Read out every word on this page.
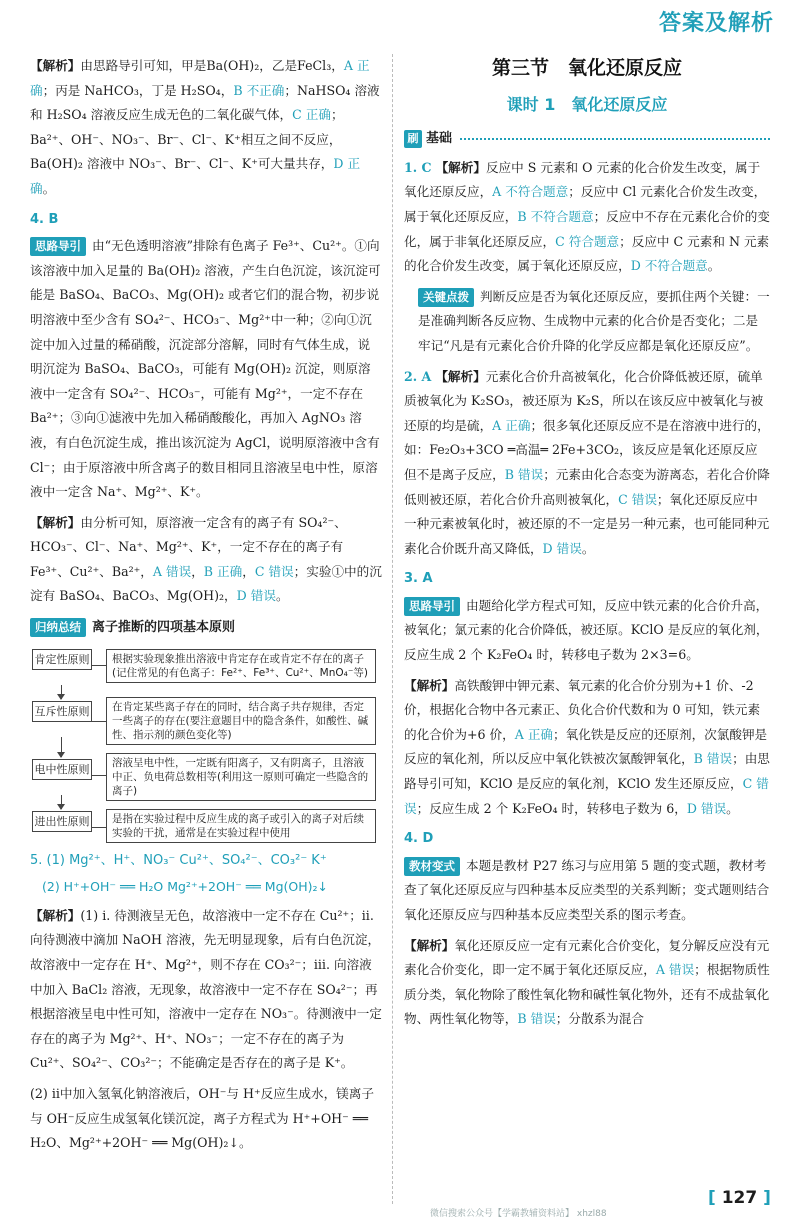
答案及解析

【解析】由思路导引可知，甲是Ba(OH)₂，乙是FeCl₃，A 正确；丙是 NaHCO₃，丁是 H₂SO₄，B 不正确；NaHSO₄ 溶液和 H₂SO₄ 溶液反应生成无色的二氧化碳气体，C 正确；Ba²⁺、OH⁻、NO₃⁻、Br⁻、Cl⁻、K⁺相互之间不反应，Ba(OH)₂ 溶液中 NO₃⁻、Br⁻、Cl⁻、K⁺可大量共存，D 正确。

4. B

思路导引 由“无色透明溶液”排除有色离子 Fe³⁺、Cu²⁺。①向该溶液中加入足量的 Ba(OH)₂ 溶液，产生白色沉淀，该沉淀可能是 BaSO₄、BaCO₃、Mg(OH)₂ 或者它们的混合物，初步说明溶液中至少含有 SO₄²⁻、HCO₃⁻、Mg²⁺中一种；②向①沉淀中加入过量的稀硝酸，沉淀部分溶解，同时有气体生成，说明沉淀为 BaSO₄、BaCO₃，可能有 Mg(OH)₂ 沉淀，则原溶液中一定含有 SO₄²⁻、HCO₃⁻，可能有 Mg²⁺，一定不存在 Ba²⁺；③向①滤液中先加入稀硝酸酸化，再加入 AgNO₃ 溶液，有白色沉淀生成，推出该沉淀为 AgCl，说明原溶液中含有 Cl⁻；由于原溶液中所含离子的数目相同且溶液呈电中性，原溶液中一定含 Na⁺、Mg²⁺、K⁺。

【解析】由分析可知，原溶液一定含有的离子有 SO₄²⁻、HCO₃⁻、Cl⁻、Na⁺、Mg²⁺、K⁺，一定不存在的离子有 Fe³⁺、Cu²⁺、Ba²⁺，A 错误，B 正确，C 错误；实验①中的沉淀有 BaSO₄、BaCO₃、Mg(OH)₂，D 错误。

归纳总结 离子推断的四项基本原则
肯定性原则	根据实验现象推出溶液中肯定存在或肯定不存在的离子(记住常见的有色离子：Fe²⁺、Fe³⁺、Cu²⁺、MnO₄⁻等)
互斥性原则	在肯定某些离子存在的同时，结合离子共存规律，否定一些离子的存在(要注意题目中的隐含条件，如酸性、碱性、指示剂的颜色变化等)
电中性原则	溶液呈电中性，一定既有阳离子，又有阴离子，且溶液中正、负电荷总数相等(利用这一原则可确定一些隐含的离子)
进出性原则	是指在实验过程中反应生成的离子或引入的离子对后续实验的干扰，通常是在实验过程中使用
5. (1) Mg²⁺、H⁺、NO₃⁻ Cu²⁺、SO₄²⁻、CO₃²⁻ K⁺
(2) H⁺+OH⁻ ══ H₂O Mg²⁺+2OH⁻ ══ Mg(OH)₂↓

【解析】(1) ⅰ. 待测液呈无色，故溶液中一定不存在 Cu²⁺；ⅱ. 向待测液中滴加 NaOH 溶液，先无明显现象，后有白色沉淀，故溶液中一定存在 H⁺、Mg²⁺，则不存在 CO₃²⁻；ⅲ. 向溶液中加入 BaCl₂ 溶液，无现象，故溶液中一定不存在 SO₄²⁻；再根据溶液呈电中性可知，溶液中一定存在 NO₃⁻。待测液中一定存在的离子为 Mg²⁺、H⁺、NO₃⁻；一定不存在的离子为 Cu²⁺、SO₄²⁻、CO₃²⁻；不能确定是否存在的离子是 K⁺。

(2) ⅱ中加入氢氧化钠溶液后，OH⁻与 H⁺反应生成水，镁离子与 OH⁻反应生成氢氧化镁沉淀，离子方程式为 H⁺+OH⁻ ══ H₂O、Mg²⁺+2OH⁻ ══ Mg(OH)₂↓。

第三节　氧化还原反应
课时 1　氧化还原反应
刷 基础

1. C 【解析】反应中 S 元素和 O 元素的化合价发生改变，属于氧化还原反应，A 不符合题意；反应中 Cl 元素化合价发生改变，属于氧化还原反应，B 不符合题意；反应中不存在元素化合价的变化，属于非氧化还原反应，C 符合题意；反应中 C 元素和 N 元素的化合价发生改变，属于氧化还原反应，D 不符合题意。

关键点拨 判断反应是否为氧化还原反应，要抓住两个关键：一是准确判断各反应物、生成物中元素的化合价是否变化；二是牢记“凡是有元素化合价升降的化学反应都是氧化还原反应”。

2. A 【解析】元素化合价升高被氧化，化合价降低被还原，硫单质被氧化为 K₂SO₃，被还原为 K₂S，所以在该反应中被氧化与被还原的均是硫，A 正确；很多氧化还原反应不是在溶液中进行的，如：Fe₂O₃+3CO ═高温═ 2Fe+3CO₂，该反应是氧化还原反应但不是离子反应，B 错误；元素由化合态变为游离态，若化合价降低则被还原，若化合价升高则被氧化，C 错误；氧化还原反应中一种元素被氧化时，被还原的不一定是另一种元素，也可能同种元素化合价既升高又降低，D 错误。

3. A

思路导引 由题给化学方程式可知，反应中铁元素的化合价升高，被氧化；氯元素的化合价降低，被还原。KClO 是反应的氧化剂，反应生成 2 个 K₂FeO₄ 时，转移电子数为 2×3=6。

【解析】高铁酸钾中钾元素、氧元素的化合价分别为+1 价、-2 价，根据化合物中各元素正、负化合价代数和为 0 可知，铁元素的化合价为+6 价，A 正确；氧化铁是反应的还原剂，次氯酸钾是反应的氧化剂，所以反应中氧化铁被次氯酸钾氧化，B 错误；由思路导引可知，KClO 是反应的氧化剂，KClO 发生还原反应，C 错误；反应生成 2 个 K₂FeO₄ 时，转移电子数为 6，D 错误。

4. D

教材变式 本题是教材 P27 练习与应用第 5 题的变式题，教材考查了氧化还原反应与四种基本反应类型的关系判断；变式题则结合氧化还原反应与四种基本反应类型关系的图示考查。

【解析】氧化还原反应一定有元素化合价变化，复分解反应没有元素化合价变化，即一定不属于氧化还原反应，A 错误；根据物质性质分类，氧化物除了酸性氧化物和碱性氧化物外，还有不成盐氧化物、两性氧化物等，B 错误；分散系为混合

[ 127 ]
微信搜索公众号【学霸教辅资料站】 xhzl88
